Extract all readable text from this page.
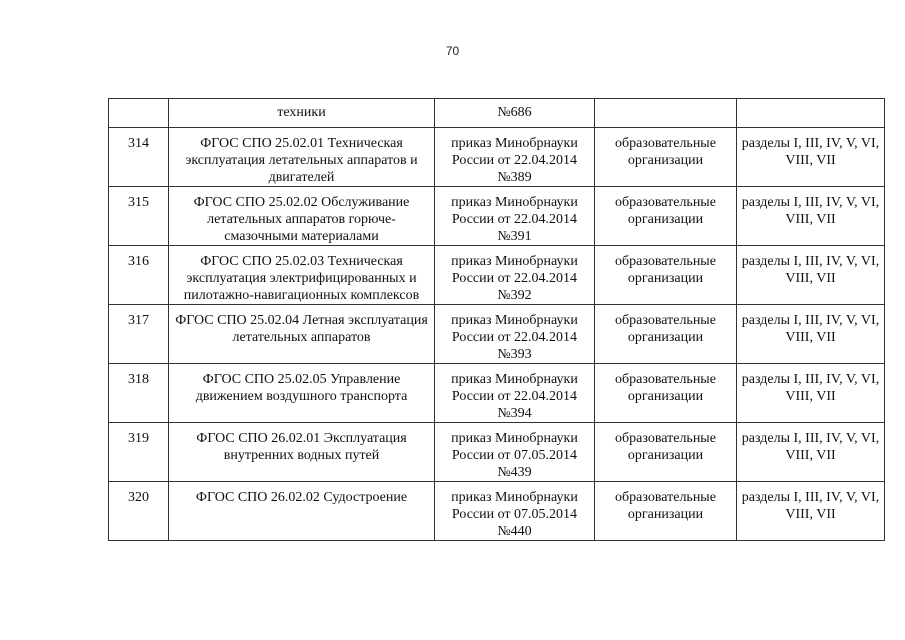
70
	техники	№686		
314	ФГОС СПО 25.02.01 Техническая эксплуатация летательных аппаратов и двигателей	приказ Минобрнауки России от 22.04.2014 №389	образовательные организации	разделы I, III, IV, V, VI, VIII, VII
315	ФГОС СПО 25.02.02 Обслуживание летательных аппаратов горюче-смазочными материалами	приказ Минобрнауки России от 22.04.2014 №391	образовательные организации	разделы I, III, IV, V, VI, VIII, VII
316	ФГОС СПО 25.02.03 Техническая эксплуатация электрифицированных и пилотажно-навигационных комплексов	приказ Минобрнауки России от 22.04.2014 №392	образовательные организации	разделы I, III, IV, V, VI, VIII, VII
317	ФГОС СПО 25.02.04 Летная эксплуатация летательных аппаратов	приказ Минобрнауки России от 22.04.2014 №393	образовательные организации	разделы I, III, IV, V, VI, VIII, VII
318	ФГОС СПО 25.02.05 Управление движением воздушного транспорта	приказ Минобрнауки России от 22.04.2014 №394	образовательные организации	разделы I, III, IV, V, VI, VIII, VII
319	ФГОС СПО 26.02.01 Эксплуатация внутренних водных путей	приказ Минобрнауки России от 07.05.2014 №439	образовательные организации	разделы I, III, IV, V, VI, VIII, VII
320	ФГОС СПО 26.02.02 Судостроение	приказ Минобрнауки России от 07.05.2014 №440	образовательные организации	разделы I, III, IV, V, VI, VIII, VII
